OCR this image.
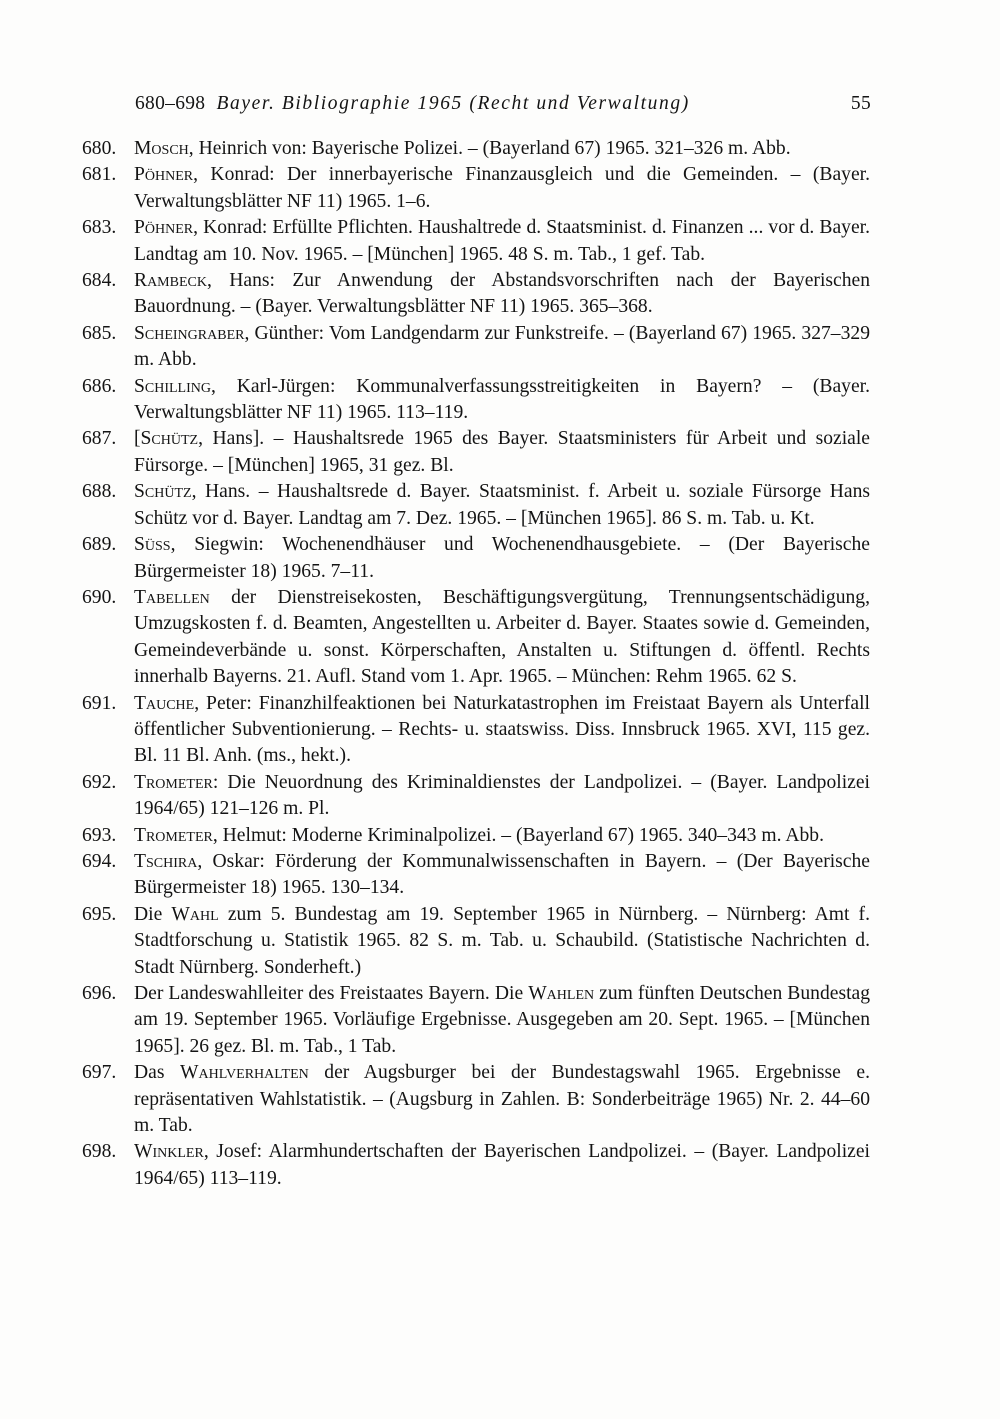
680–698 Bayer. Bibliographie 1965 (Recht und Verwaltung)	55
680. Mosch, Heinrich von: Bayerische Polizei. – (Bayerland 67) 1965. 321–326 m. Abb.
681. Pöhner, Konrad: Der innerbayerische Finanzausgleich und die Gemeinden. – (Bayer. Verwaltungsblätter NF 11) 1965. 1–6.
683. Pöhner, Konrad: Erfüllte Pflichten. Haushaltrede d. Staatsminist. d. Finanzen ... vor d. Bayer. Landtag am 10. Nov. 1965. – [München] 1965. 48 S. m. Tab., 1 gef. Tab.
684. Rambeck, Hans: Zur Anwendung der Abstandsvorschriften nach der Bayerischen Bauordnung. – (Bayer. Verwaltungsblätter NF 11) 1965. 365–368.
685. Scheingraber, Günther: Vom Landgendarm zur Funkstreife. – (Bayerland 67) 1965. 327–329 m. Abb.
686. Schilling, Karl-Jürgen: Kommunalverfassungsstreitigkeiten in Bayern? – (Bayer. Verwaltungsblätter NF 11) 1965. 113–119.
687. [Schütz, Hans]. – Haushaltsrede 1965 des Bayer. Staatsministers für Arbeit und soziale Fürsorge. – [München] 1965, 31 gez. Bl.
688. Schütz, Hans. – Haushaltsrede d. Bayer. Staatsminist. f. Arbeit u. soziale Fürsorge Hans Schütz vor d. Bayer. Landtag am 7. Dez. 1965. – [München 1965]. 86 S. m. Tab. u. Kt.
689. Süss, Siegwin: Wochenendhäuser und Wochenendhausgebiete. – (Der Bayerische Bürgermeister 18) 1965. 7–11.
690. Tabellen der Dienstreisekosten, Beschäftigungsvergütung, Trennungsentschädigung, Umzugskosten f. d. Beamten, Angestellten u. Arbeiter d. Bayer. Staates sowie d. Gemeinden, Gemeindeverbände u. sonst. Körperschaften, Anstalten u. Stiftungen d. öffentl. Rechts innerhalb Bayerns. 21. Aufl. Stand vom 1. Apr. 1965. – München: Rehm 1965. 62 S.
691. Tauche, Peter: Finanzhilfeaktionen bei Naturkatastrophen im Freistaat Bayern als Unterfall öffentlicher Subventionierung. – Rechts- u. staatswiss. Diss. Innsbruck 1965. XVI, 115 gez. Bl. 11 Bl. Anh. (ms., hekt.).
692. Trometer: Die Neuordnung des Kriminaldienstes der Landpolizei. – (Bayer. Landpolizei 1964/65) 121–126 m. Pl.
693. Trometer, Helmut: Moderne Kriminalpolizei. – (Bayerland 67) 1965. 340–343 m. Abb.
694. Tschira, Oskar: Förderung der Kommunalwissenschaften in Bayern. – (Der Bayerische Bürgermeister 18) 1965. 130–134.
695. Die Wahl zum 5. Bundestag am 19. September 1965 in Nürnberg. – Nürnberg: Amt f. Stadtforschung u. Statistik 1965. 82 S. m. Tab. u. Schaubild. (Statistische Nachrichten d. Stadt Nürnberg. Sonderheft.)
696. Der Landeswahlleiter des Freistaates Bayern. Die Wahlen zum fünften Deutschen Bundestag am 19. September 1965. Vorläufige Ergebnisse. Ausgegeben am 20. Sept. 1965. – [München 1965]. 26 gez. Bl. m. Tab., 1 Tab.
697. Das Wahlverhalten der Augsburger bei der Bundestagswahl 1965. Ergebnisse e. repräsentativen Wahlstatistik. – (Augsburg in Zahlen. B: Sonderbeiträge 1965) Nr. 2. 44–60 m. Tab.
698. Winkler, Josef: Alarmhundertschaften der Bayerischen Landpolizei. – (Bayer. Landpolizei 1964/65) 113–119.
